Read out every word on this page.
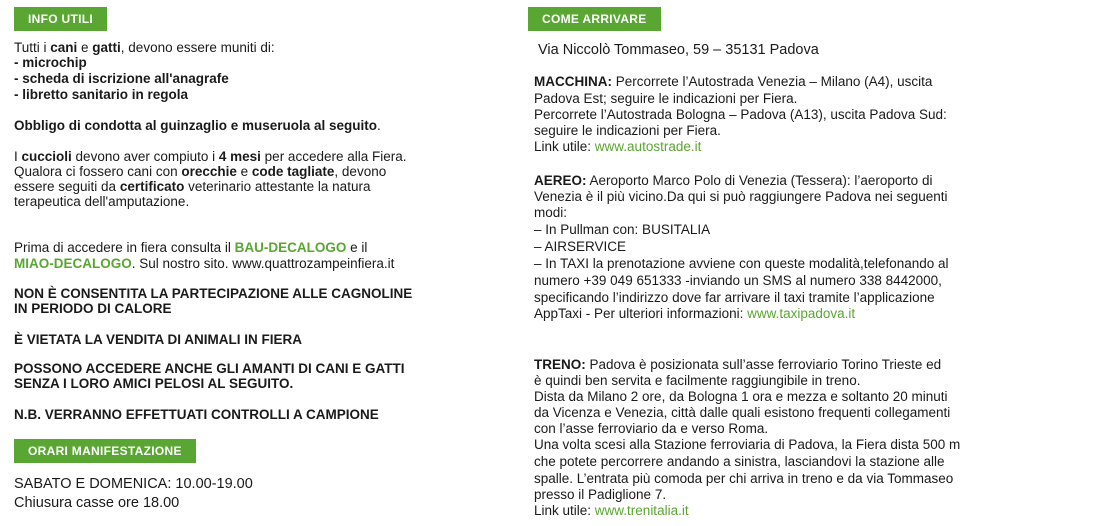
INFO UTILI
Tutti i cani e gatti, devono essere muniti di:
- microchip
- scheda di iscrizione all'anagrafe
- libretto sanitario in regola
Obbligo di condotta al guinzaglio e museruola al seguito.
I cuccioli devono aver compiuto i 4 mesi per accedere alla Fiera.
Qualora ci fossero cani con orecchie e code tagliate, devono
essere seguiti da certificato veterinario attestante la natura
terapeutica dell'amputazione.
Prima di accedere in fiera consulta il BAU-DECALOGO e il
MIAO-DECALOGO. Sul nostro sito. www.quattrozampeinfiera.it
NON È CONSENTITA LA PARTECIPAZIONE ALLE CAGNOLINE
IN PERIODO DI CALORE
È VIETATA LA VENDITA DI ANIMALI IN FIERA
POSSONO ACCEDERE ANCHE GLI AMANTI DI CANI E GATTI
SENZA I LORO AMICI PELOSI AL SEGUITO.
N.B. VERRANNO EFFETTUATI CONTROLLI A CAMPIONE
ORARI MANIFESTAZIONE
SABATO E DOMENICA: 10.00-19.00
Chiusura casse ore 18.00
COME ARRIVARE
Via Niccolò Tommaseo, 59 – 35131 Padova
MACCHINA: Percorrete l’Autostrada Venezia – Milano (A4), uscita
Padova Est; seguire le indicazioni per Fiera.
Percorrete l’Autostrada Bologna – Padova (A13), uscita Padova Sud:
seguire le indicazioni per Fiera.
Link utile: www.autostrade.it
AEREO: Aeroporto Marco Polo di Venezia (Tessera): l’aeroporto di
Venezia è il più vicino.Da qui si può raggiungere Padova nei seguenti
modi:
– In Pullman con: BUSITALIA
– AIRSERVICE
– In TAXI la prenotazione avviene con queste modalità,telefonando al
numero +39 049 651333 -inviando un SMS al numero 338 8442000,
specificando l’indirizzo dove far arrivare il taxi tramite l’applicazione
AppTaxi - Per ulteriori informazioni: www.taxipadova.it
TRENO: Padova è posizionata sull’asse ferroviario Torino Trieste ed
è quindi ben servita e facilmente raggiungibile in treno.
Dista da Milano 2 ore, da Bologna 1 ora e mezza e soltanto 20 minuti
da Vicenza e Venezia, città dalle quali esistono frequenti collegamenti
con l’asse ferroviario da e verso Roma.
Una volta scesi alla Stazione ferroviaria di Padova, la Fiera dista 500 m
che potete percorrere andando a sinistra, lasciandovi la stazione alle
spalle. L’entrata più comoda per chi arriva in treno e da via Tommaseo
presso il Padiglione 7.
Link utile: www.trenitalia.it
